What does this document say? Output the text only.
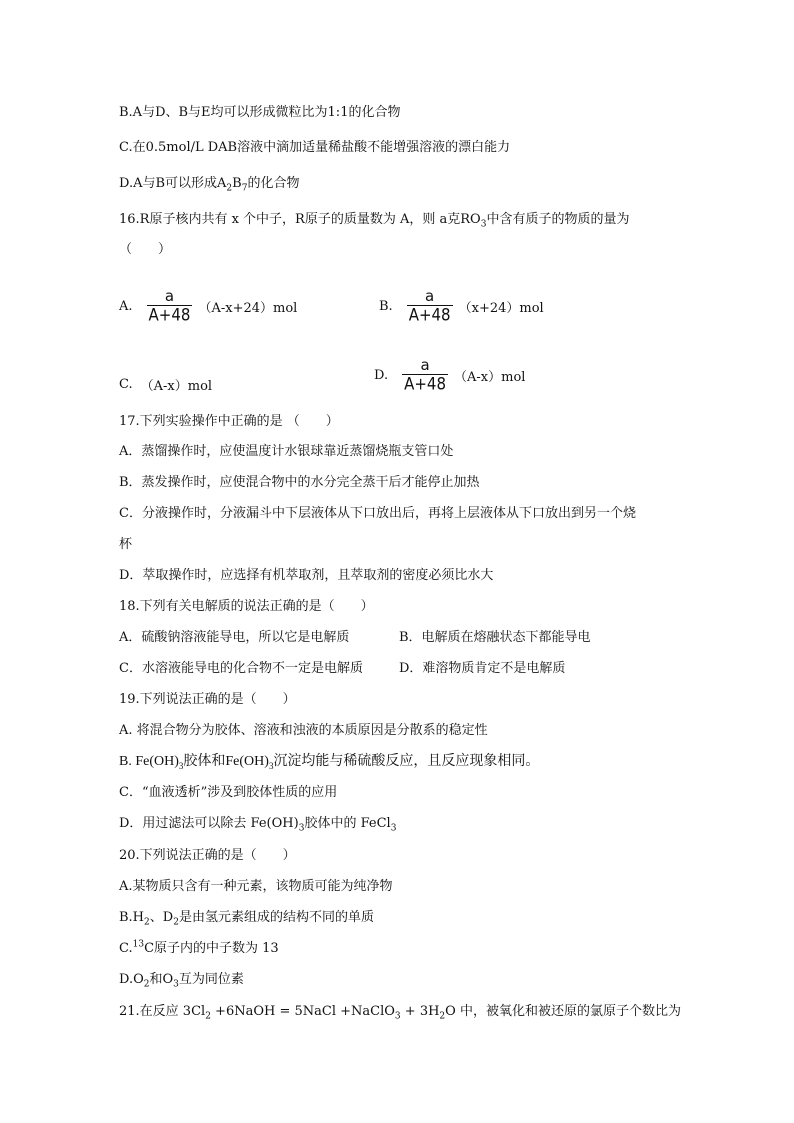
B.A与D、B与E均可以形成微粒比为1:1的化合物
C.在0.5mol/L DAB溶液中滴加适量稀盐酸不能增强溶液的漂白能力
D.A与B可以形成$A_2B_7$的化合物
16.R原子核内共有 x 个中子，R原子的质量数为 A，则 a克$RO_3$中含有质子的物质的量为
（　　）
A. $\frac{a}{A+48} (A-x+24)mol$	B. $\frac{a}{A+48} (x+24)mol$
C. （A-x）mol
D. $\frac{a}{A+48} (A-x)mol$
17.下列实验操作中正确的是 （　　）
A．蒸馏操作时，应使温度计水银球靠近蒸馏烧瓶支管口处
B．蒸发操作时，应使混合物中的水分完全蒸干后才能停止加热
C．分液操作时，分液漏斗中下层液体从下口放出后，再将上层液体从下口放出到另一个烧
杯
D．萃取操作时，应选择有机萃取剂，且萃取剂的密度必须比水大
18.下列有关电解质的说法正确的是（　　）
A．硫酸钠溶液能导电，所以它是电解质	B．电解质在熔融状态下都能导电
C．水溶液能导电的化合物不一定是电解质	D．难溶物质肯定不是电解质
19.下列说法正确的是（　　）
A. 将混合物分为胶体、溶液和浊液的本质原因是分散系的稳定性
B. $Fe(OH)_3$胶体和$Fe(OH)_3$沉淀均能与稀硫酸反应，且反应现象相同。
C．“血液透析”涉及到胶体性质的应用
D．用过滤法可以除去 $Fe(OH)_3$胶体中的 FeCl$_3$
20.下列说法正确的是（　　）
A.某物质只含有一种元素，该物质可能为纯净物
$B.H_2$、$D_2$是由氢元素组成的结构不同的单质
C.$^{13}$C原子内的中子数为 13
$D.O_2$和$O_3$互为同位素
21.在反应 $3Cl_2$ +6NaOH = 5NaCl +NaClO$_3$ + $3H_2O$ 中，被氧化和被还原的氯原子个数比为
